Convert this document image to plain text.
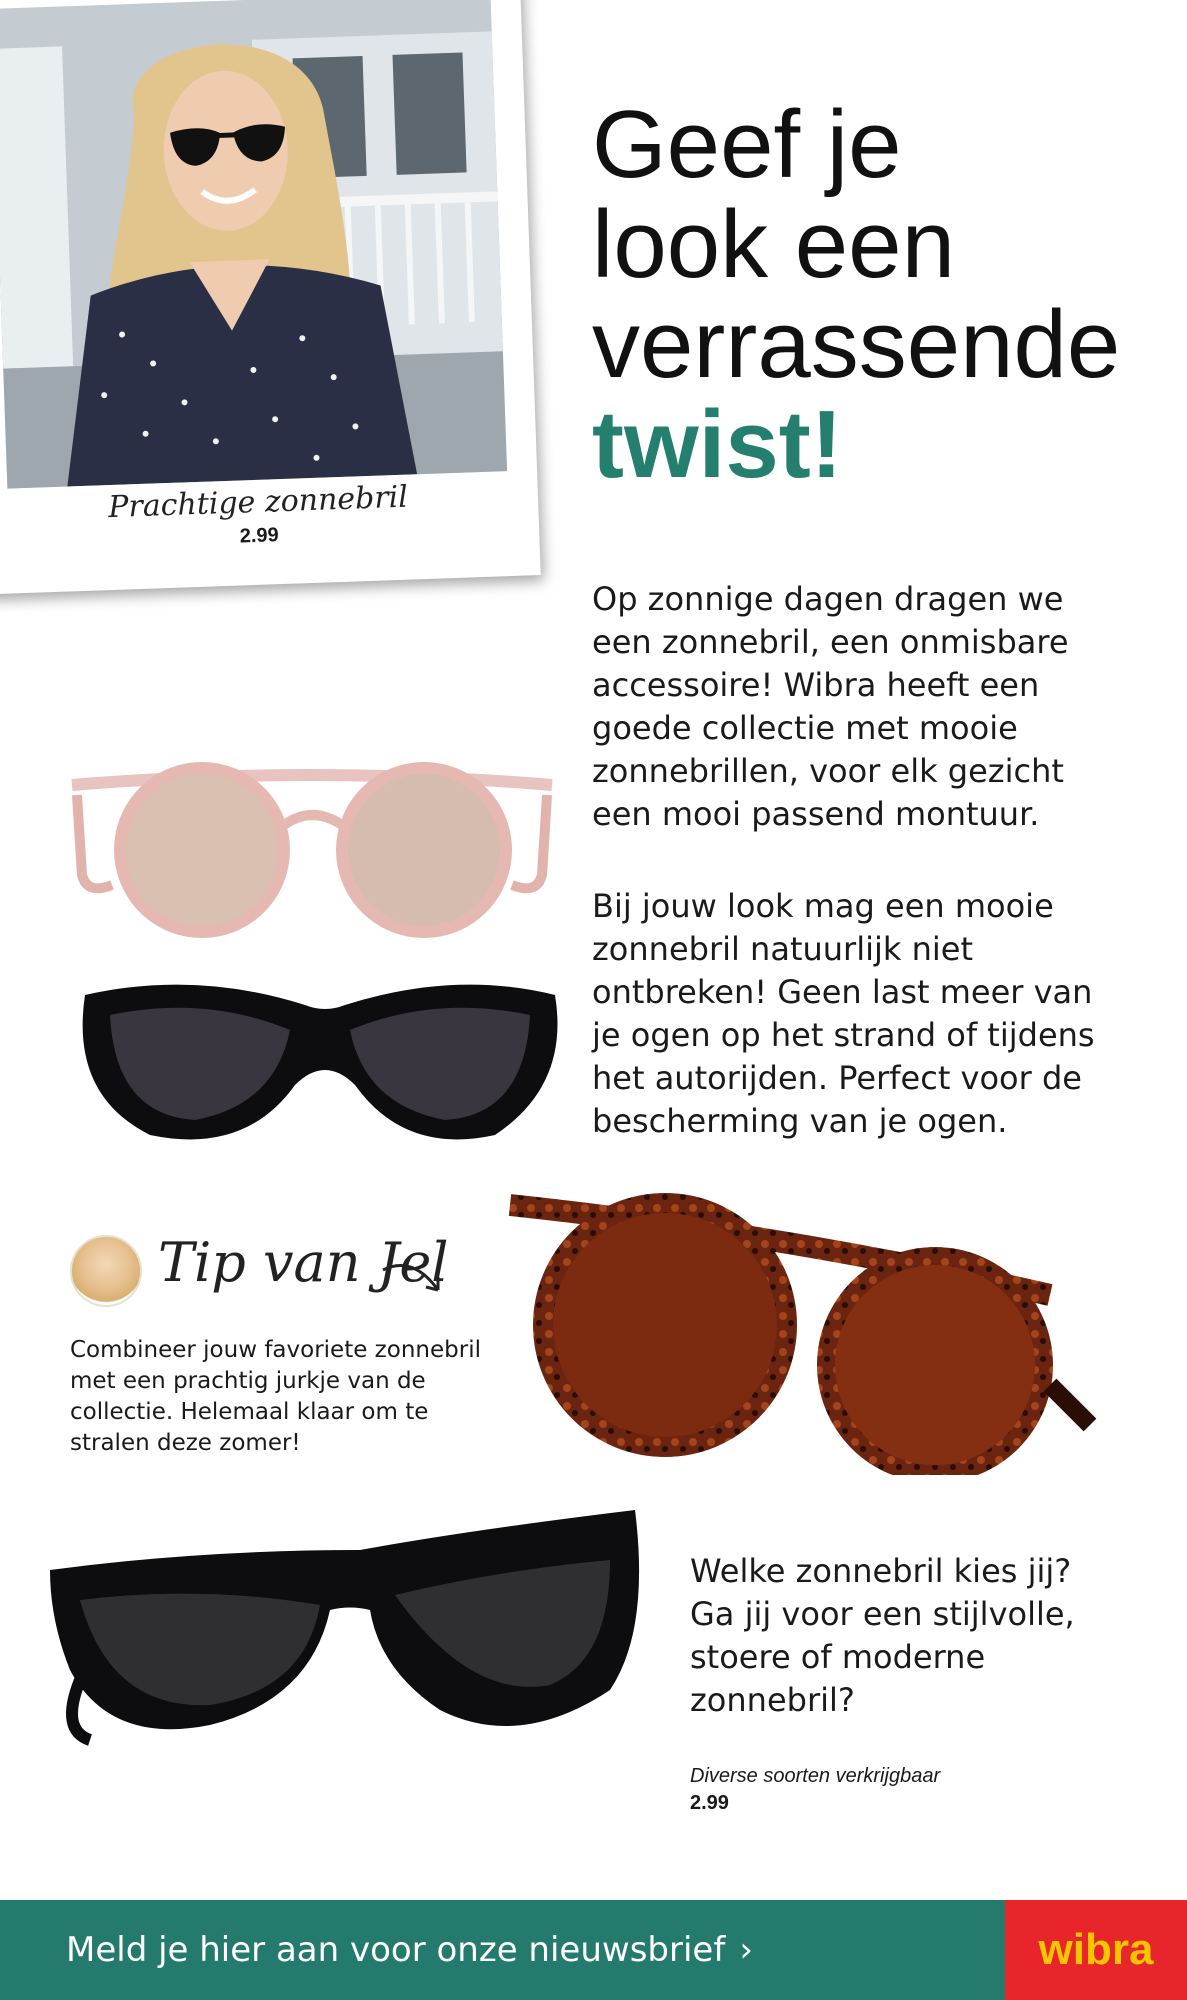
Prachtige zonnebril
2.99
Geef je
look een
verrassende
twist!

Op zonnige dagen dragen we een zonnebril, een onmisbare accessoire! Wibra heeft een goede collectie met mooie zonnebrillen, voor elk gezicht een mooi passend montuur.

Bij jouw look mag een mooie zonnebril natuurlijk niet ontbreken! Geen last meer van je ogen op het strand of tijdens het autorijden. Perfect voor de bescherming van je ogen.

Tip van Jel

Combineer jouw favoriete zonnebril met een prachtig jurkje van de collectie. Helemaal klaar om te stralen deze zomer!

Welke zonnebril kies jij? Ga jij voor een stijlvolle, stoere of moderne zonnebril?

Diverse soorten verkrijgbaar
2.99
Meld je hier aan voor onze nieuwsbrief ›	wibra
